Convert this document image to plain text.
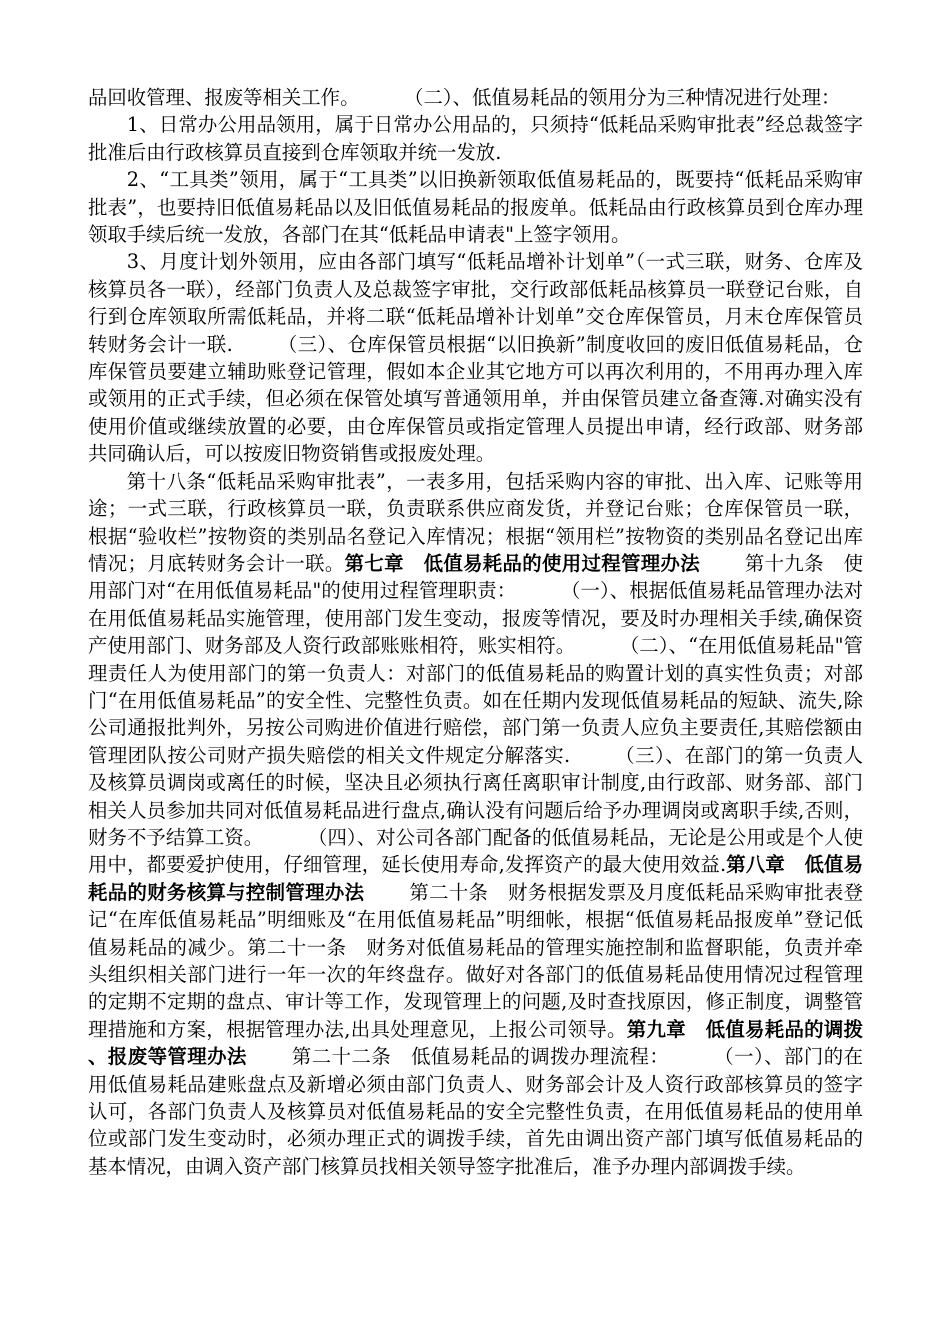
品回收管理、报废等相关工作。 （二）、低值易耗品的领用分为三种情况进行处理：

1、日常办公用品领用，属于日常办公用品的，只须持“低耗品采购审批表”经总裁签字批准后由行政核算员直接到仓库领取并统一发放.

2、“工具类”领用，属于“工具类”以旧换新领取低值易耗品的，既要持“低耗品采购审批表”，也要持旧低值易耗品以及旧低值易耗品的报废单。低耗品由行政核算员到仓库办理领取手续后统一发放，各部门在其“低耗品申请表"上签字领用。

3、月度计划外领用，应由各部门填写“低耗品增补计划单”（一式三联，财务、仓库及核算员各一联），经部门负责人及总裁签字审批，交行政部低耗品核算员一联登记台账，自行到仓库领取所需低耗品，并将二联“低耗品增补计划单”交仓库保管员，月末仓库保管员转财务会计一联. （三）、仓库保管员根据“以旧换新”制度收回的废旧低值易耗品，仓库保管员要建立辅助账登记管理，假如本企业其它地方可以再次利用的，不用再办理入库或领用的正式手续，但必须在保管处填写普通领用单，并由保管员建立备查簿.对确实没有使用价值或继续放置的必要，由仓库保管员或指定管理人员提出申请，经行政部、财务部共同确认后，可以按废旧物资销售或报废处理。

第十八条“低耗品采购审批表”，一表多用，包括采购内容的审批、出入库、记账等用途；一式三联，行政核算员一联，负责联系供应商发货，并登记台账；仓库保管员一联，根据“验收栏”按物资的类别品名登记入库情况；根据“领用栏”按物资的类别品名登记出库情况；月底转财务会计一联。第七章　低值易耗品的使用过程管理办法 第十九条　使用部门对“在用低值易耗品"的使用过程管理职责： （一）、根据低值易耗品管理办法对在用低值易耗品实施管理，使用部门发生变动，报废等情况，要及时办理相关手续,确保资产使用部门、财务部及人资行政部账账相符，账实相符。 （二）、“在用低值易耗品"管理责任人为使用部门的第一负责人：对部门的低值易耗品的购置计划的真实性负责；对部门“在用低值易耗品”的安全性、完整性负责。如在任期内发现低值易耗品的短缺、流失,除公司通报批判外，另按公司购进价值进行赔偿，部门第一负责人应负主要责任,其赔偿额由管理团队按公司财产损失赔偿的相关文件规定分解落实. （三）、在部门的第一负责人及核算员调岗或离任的时候，坚决且必须执行离任离职审计制度,由行政部、财务部、部门相关人员参加共同对低值易耗品进行盘点,确认没有问题后给予办理调岗或离职手续,否则，财务不予结算工资。 （四）、对公司各部门配备的低值易耗品，无论是公用或是个人使用中，都要爱护使用，仔细管理，延长使用寿命,发挥资产的最大使用效益.第八章　低值易耗品的财务核算与控制管理办法 第二十条　财务根据发票及月度低耗品采购审批表登记“在库低值易耗品”明细账及“在用低值易耗品”明细帐，根据“低值易耗品报废单”登记低值易耗品的减少。第二十一条　财务对低值易耗品的管理实施控制和监督职能，负责并牵头组织相关部门进行一年一次的年终盘存。做好对各部门的低值易耗品使用情况过程管理的定期不定期的盘点、审计等工作，发现管理上的问题,及时查找原因，修正制度，调整管理措施和方案，根据管理办法,出具处理意见，上报公司领导。第九章　低值易耗品的调拨、报废等管理办法 第二十二条　低值易耗品的调拨办理流程： （一）、部门的在用低值易耗品建账盘点及新增必须由部门负责人、财务部会计及人资行政部核算员的签字认可，各部门负责人及核算员对低值易耗品的安全完整性负责，在用低值易耗品的使用单位或部门发生变动时，必须办理正式的调拨手续，首先由调出资产部门填写低值易耗品的基本情况，由调入资产部门核算员找相关领导签字批准后，准予办理内部调拨手续。
